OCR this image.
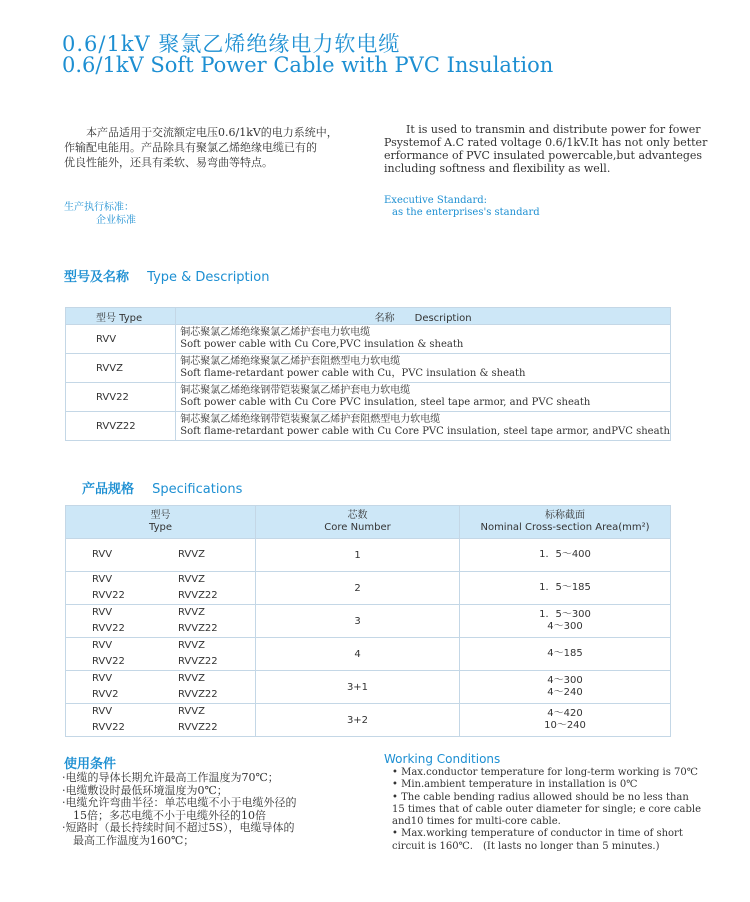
0.6/1kV 聚氯乙烯绝缘电力软电缆
0.6/1kV Soft Power Cable with PVC Insulation
　　本产品适用于交流额定电压0.6/1kV的电力系统中，
作输配电能用。产品除具有聚氯乙烯绝缘电缆已有的
优良性能外，还具有柔软、易弯曲等特点。
　　It is used to transmin and distribute power for fower
Psystemof A.C rated voltage 0.6/1kV.It has not only better
erformance of PVC insulated powercable,but advanteges
including softness and flexibility as well.
生产执行标准：
企业标准
Executive Standard:
as the enterprises's standard
型号及名称 Type & Description
型号 Type	名称　　Description
RVV	铜芯聚氯乙烯绝缘聚氯乙烯护套电力软电缆
Soft power cable with Cu Core,PVC insulation & sheath

RVVZ	铜芯聚氯乙烯绝缘聚氯乙烯护套阻燃型电力软电缆
Soft flame-retardant power cable with Cu，PVC insulation & sheath

RVV22	铜芯聚氯乙烯绝缘钢带铠装聚氯乙烯护套电力软电缆
Soft power cable with Cu Core PVC insulation, steel tape armor, and PVC sheath

RVVZ22	铜芯聚氯乙烯绝缘钢带铠装聚氯乙烯护套阻燃型电力软电缆
Soft flame-retardant power cable with Cu Core PVC insulation, steel tape armor, andPVC sheath
产品规格 Specifications
型号
Type	芯数
Core Number	标称截面
Nominal Cross-section Area(mm²)

RVV RVVZ	1	1．5～400

RVV RVVZ
RVV22 RVVZ22	2	1．5～185

RVV RVVZ
RVV22 RVVZ22	3	1．5～300
4～300

RVV RVVZ
RVV22 RVVZ22	4	4～185

RVV RVVZ
RVV2 RVVZ22	3+1	4～300
4～240

RVV RVVZ
RVV22 RVVZ22	3+2	4～420
10～240
使用条件
·电缆的导体长期允许最高工作温度为70℃；
·电缆敷设时最低环境温度为0℃；
·电缆允许弯曲半径：单芯电缆不小于电缆外径的
　15倍；多芯电缆不小于电缆外径的10倍
·短路时（最长持续时间不超过5S），电缆导体的
　最高工作温度为160℃；
Working Conditions
• Max.conductor temperature for long-term working is 70℃
• Min.ambient temperature in installation is 0℃
• The cable bending radius allowed should be no less than
15 times that of cable outer diameter for single; e core cable
and10 times for multi-core cable.
• Max.working temperature of conductor in time of short
circuit is 160℃.　(It lasts no longer than 5 minutes.)
